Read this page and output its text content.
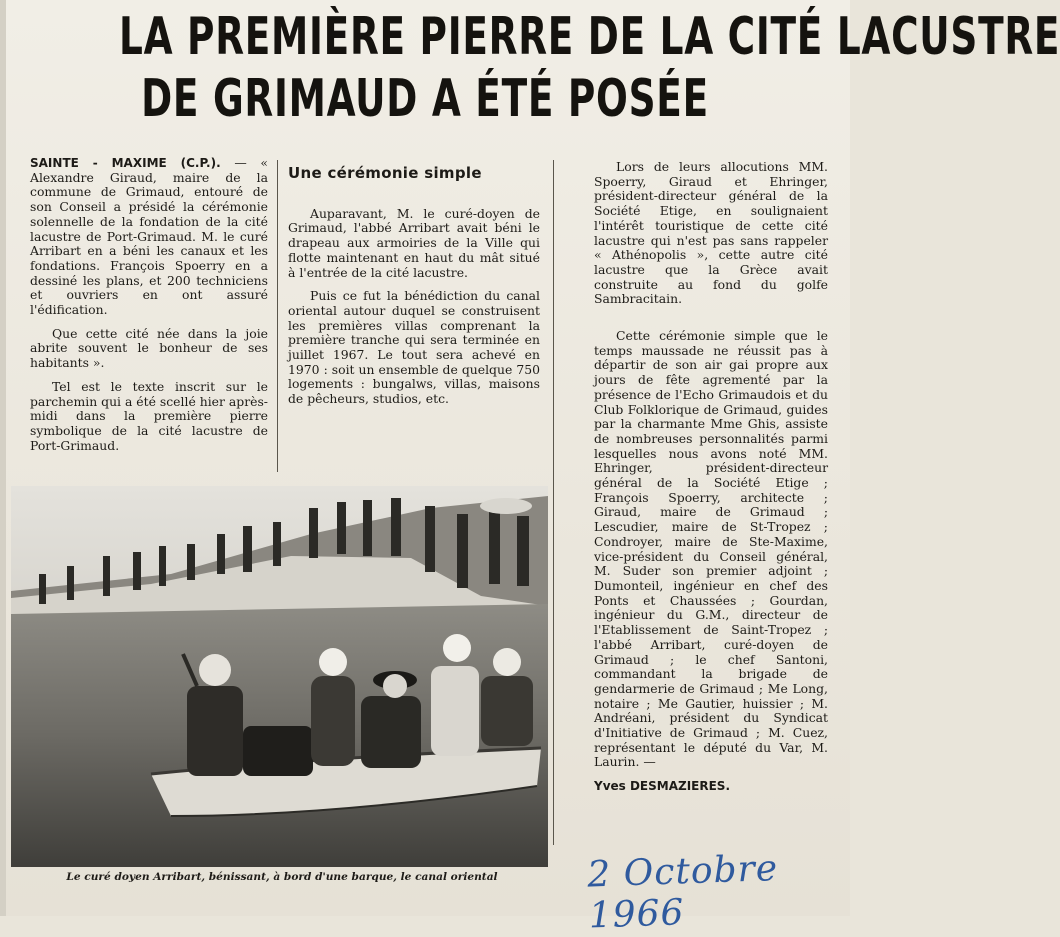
LA PREMIÈRE PIERRE DE LA CITÉ LACUSTRE
DE GRIMAUD A ÉTÉ POSÉE

SAINTE - MAXIME (C.P.). — « Alexandre Giraud, maire de la commune de Grimaud, entouré de son Conseil a présidé la cérémonie solennelle de la fondation de la cité lacustre de Port-Grimaud. M. le curé Arribart en a béni les canaux et les fondations. François Spoerry en a dessiné les plans, et 200 techniciens et ouvriers en ont assuré l'édification.

Que cette cité née dans la joie abrite souvent le bonheur de ses habitants ».

Tel est le texte inscrit sur le parchemin qui a été scellé hier après-midi dans la première pierre symbolique de la cité lacustre de Port-Grimaud.

Une cérémonie simple

Auparavant, M. le curé-doyen de Grimaud, l'abbé Arribart avait béni le drapeau aux armoiries de la Ville qui flotte maintenant en haut du mât situé à l'entrée de la cité lacustre.

Puis ce fut la bénédiction du canal oriental autour duquel se construisent les premières villas comprenant la première tranche qui sera terminée en juillet 1967. Le tout sera achevé en 1970 : soit un ensemble de quelque 750 logements : bungalws, villas, maisons de pêcheurs, studios, etc.

Lors de leurs allocutions MM. Spoerry, Giraud et Ehringer, président-directeur général de la Société Etige, en soulignaient l'intérêt touristique de cette cité lacustre qui n'est pas sans rappeler « Athénopolis », cette autre cité lacustre que la Grèce avait construite au fond du golfe Sambracitain.

Cette cérémonie simple que le temps maussade ne réussit pas à départir de son air gai propre aux jours de fête agrementé par la présence de l'Echo Grimaudois et du Club Folklorique de Grimaud, guides par la charmante Mme Ghis, assiste de nombreuses personnalités parmi lesquelles nous avons noté MM. Ehringer, président-directeur général de la Société Etige ; François Spoerry, architecte ; Giraud, maire de Grimaud ; Lescudier, maire de St-Tropez ; Condroyer, maire de Ste-Maxime, vice-président du Conseil général, M. Suder son premier adjoint ; Dumonteil, ingénieur en chef des Ponts et Chaussées ; Gourdan, ingénieur du G.M., directeur de l'Etablissement de Saint-Tropez ; l'abbé Arribart, curé-doyen de Grimaud ; le chef Santoni, commandant la brigade de gendarmerie de Grimaud ; Me Long, notaire ; Me Gautier, huissier ; M. Andréani, président du Syndicat d'Initiative de Grimaud ; M. Cuez, représentant le député du Var, M. Laurin. —

Yves DESMAZIERES.
Le curé doyen Arribart, bénissant, à bord d'une barque, le canal oriental	2 Octobre 1966
